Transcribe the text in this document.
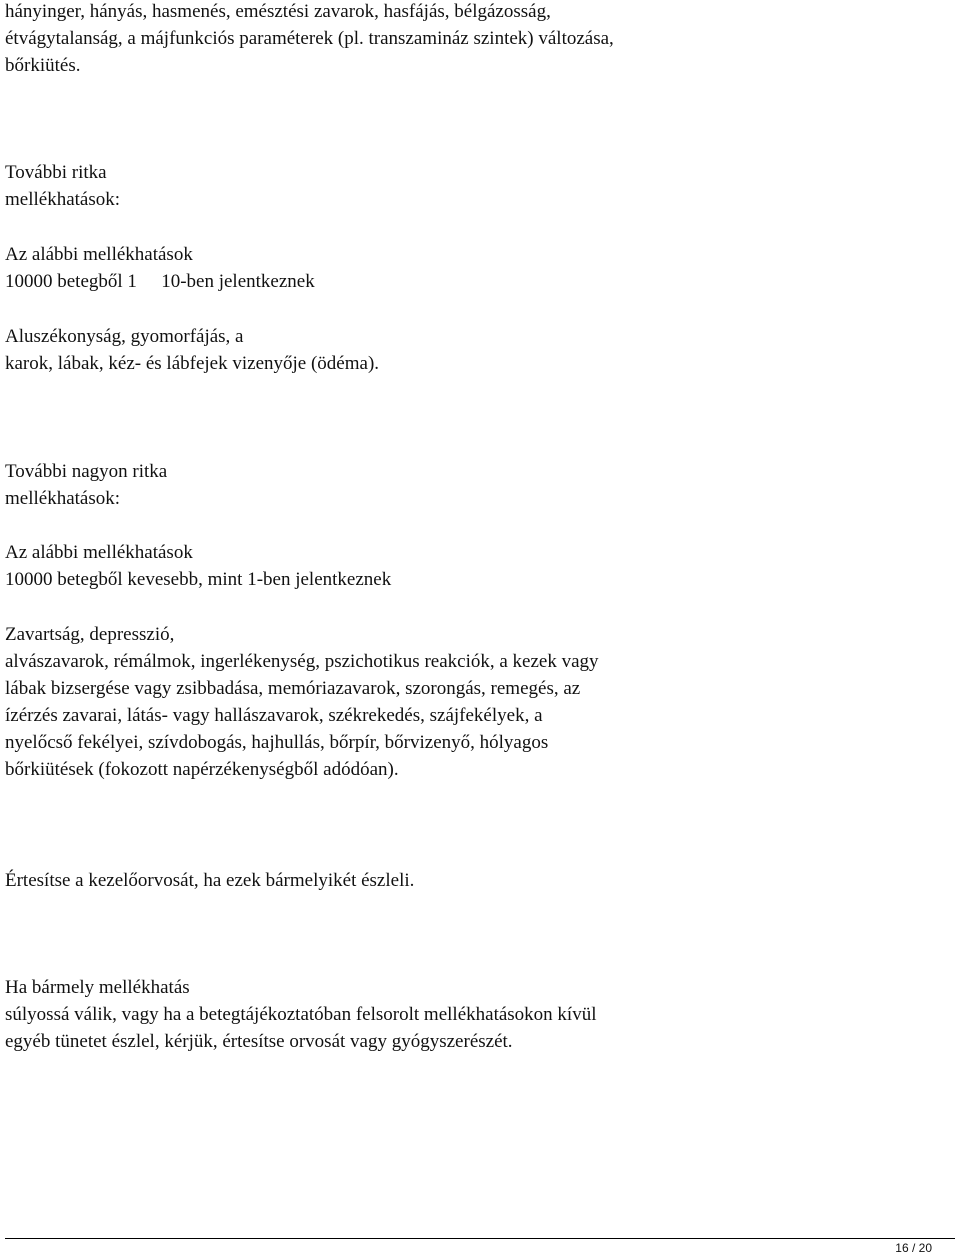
hányinger, hányás, hasmenés, emésztési zavarok, hasfájás, bélgázosság,
étvágytalanság, a májfunkciós paraméterek (pl. transzamináz szintek) változása,
bőrkiütés.
További ritka
mellékhatások:
Az alábbi mellékhatások
10000 betegből 1   10-ben jelentkeznek
Aluszékonyság, gyomorfájás, a
karok, lábak, kéz- és lábfejek vizenyője (ödéma).
További nagyon ritka
mellékhatások:
Az alábbi mellékhatások
10000 betegből kevesebb, mint 1-ben jelentkeznek
Zavartság, depresszió,
alvászavarok, rémálmok, ingerlékenység, pszichotikus reakciók, a kezek vagy
lábak bizsergése vagy zsibbadása, memóriazavarok, szorongás, remegés, az
ízérzés zavarai, látás- vagy hallászavarok, székrekedés, szájfekélyek, a
nyelőcső fekélyei, szívdobogás, hajhullás, bőrpír, bőrvizenyő, hólyagos
bőrkiütések (fokozott napérzékenységből adódóan).
Értesítse a kezelőorvosát, ha ezek bármelyikét észleli.
Ha bármely mellékhatás
súlyossá válik, vagy ha a betegtájékoztatóban felsorolt mellékhatásokon kívül
egyéb tünetet észlel, kérjük, értesítse orvosát vagy gyógyszerészét.
16 / 20
